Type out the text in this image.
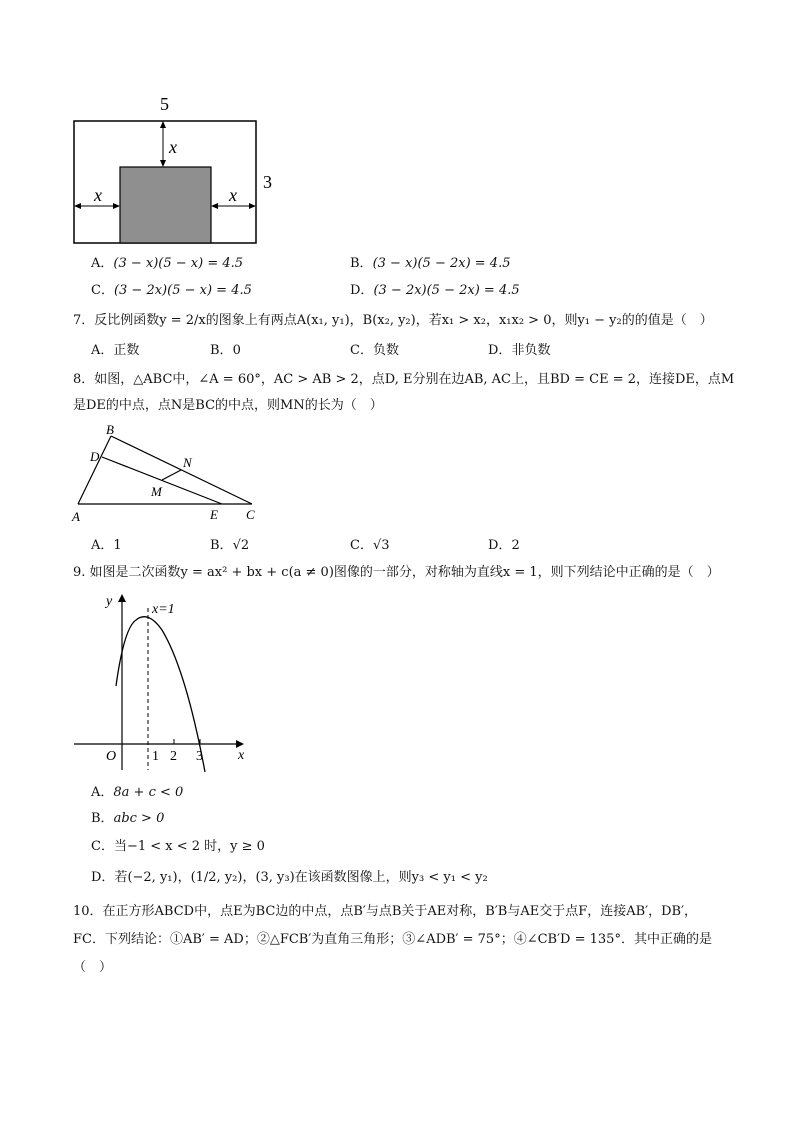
5
3
x
x	x
A．(3 − x)(5 − x) = 4.5	B．(3 − x)(5 − 2x) = 4.5
C．(3 − 2x)(5 − x) = 4.5	D．(3 − 2x)(5 − 2x) = 4.5
7．反比例函数y = 2/x的图象上有两点A(x₁, y₁)，B(x₂, y₂)，若x₁ > x₂，x₁x₂ > 0，则y₁ − y₂的的值是（　）
A．正数	B．0	C．负数	D．非负数
8．如图，△ABC中，∠A = 60°，AC > AB > 2，点D, E分别在边AB, AC上，且BD = CE = 2，连接DE，点M
是DE的中点，点N是BC的中点，则MN的长为（　）
B
D	N
M
A	E C
A．1	B．√2	C．√3	D．2
9. 如图是二次函数y = ax² + bx + c(a ≠ 0)图像的一部分，对称轴为直线x = 1，则下列结论中正确的是（　）
y
x
O
x=1
1 2 3
A．8a + c < 0
B．abc > 0
C．当−1 < x < 2 时，y ≥ 0
D．若(−2, y₁)，(1/2, y₂)，(3, y₃)在该函数图像上，则y₃ < y₁ < y₂
10．在正方形ABCD中，点E为BC边的中点，点B′与点B关于AE对称，B′B与AE交于点F，连接AB′，DB′，
FC．下列结论：①AB′ = AD；②△FCB′为直角三角形；③∠ADB′ = 75°；④∠CB′D = 135°．其中正确的是
（　）
